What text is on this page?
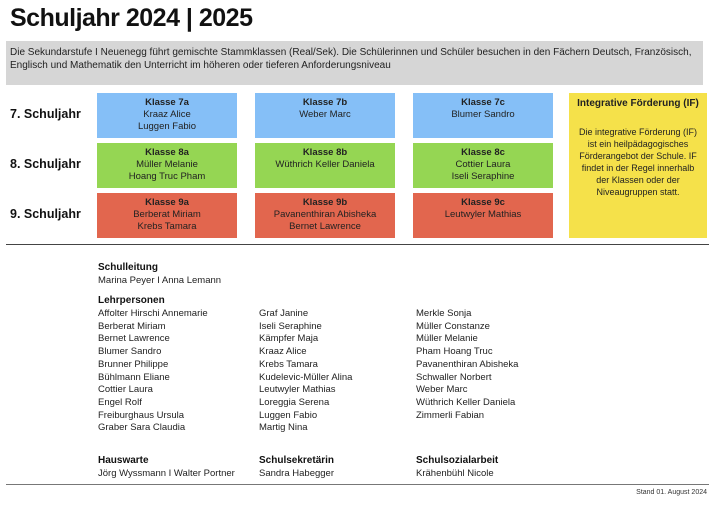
Schuljahr 2024 | 2025
Die Sekundarstufe I Neuenegg führt gemischte Stammklassen (Real/Sek). Die Schülerinnen und Schüler besuchen in den Fächern Deutsch, Französisch, Englisch und Mathematik den Unterricht im höheren oder tieferen Anforderungsniveau
7. Schuljahr
8. Schuljahr
9. Schuljahr
Klasse 7a
Kraaz Alice
Luggen Fabio
Klasse 7b
Weber Marc
Klasse 7c
Blumer Sandro
Klasse 8a
Müller Melanie
Hoang Truc Pham
Klasse 8b
Wüthrich Keller Daniela
Klasse 8c
Cottier Laura
Iseli Seraphine
Klasse 9a
Berberat Miriam
Krebs Tamara
Klasse 9b
Pavanenthiran Abisheka
Bernet Lawrence
Klasse 9c
Leutwyler Mathias
Integrative Förderung (IF)
Die integrative Förderung (IF) ist ein heilpädagogisches Förderangebot der Schule. IF findet in der Regel innerhalb der Klassen oder der Niveaugruppen statt.
Schulleitung
Marina Peyer I Anna Lemann
Lehrpersonen
Affolter Hirschi Annemarie
Berberat Miriam
Bernet Lawrence
Blumer Sandro
Brunner Philippe
Bühlmann Eliane
Cottier Laura
Engel Rolf
Freiburghaus Ursula
Graber Sara Claudia
Graf Janine
Iseli Seraphine
Kämpfer Maja
Kraaz Alice
Krebs Tamara
Kudelevic-Müller Alina
Leutwyler Mathias
Loreggia Serena
Luggen Fabio
Martig Nina
Merkle Sonja
Müller Constanze
Müller Melanie
Pham Hoang Truc
Pavanenthiran Abisheka
Schwaller Norbert
Weber Marc
Wüthrich Keller Daniela
Zimmerli Fabian
Hauswarte
Jörg Wyssmann I Walter Portner
Schulsekretärin
Sandra Habegger
Schulsozialarbeit
Krähenbühl Nicole
Stand 01. August 2024
